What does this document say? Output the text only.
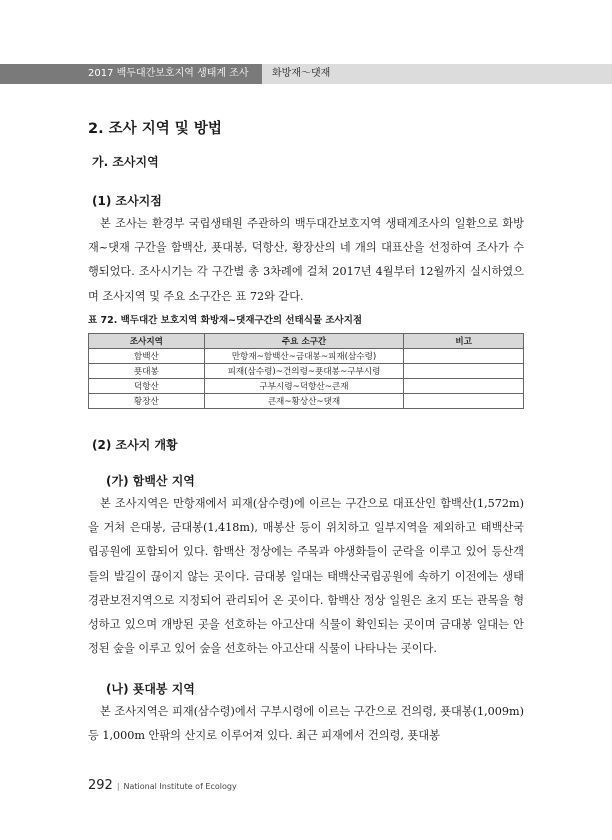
2017 백두대간보호지역 생태계 조사	화방재～댓재
2. 조사 지역 및 방법
가. 조사지역
(1) 조사지점

본 조사는 환경부 국립생태원 주관하의 백두대간보호지역 생태계조사의 일환으로 화방재~댓재 구간을 함백산, 푯대봉, 덕항산, 황장산의 네 개의 대표산을 선정하여 조사가 수행되었다. 조사시기는 각 구간별 총 3차례에 걸쳐 2017년 4월부터 12월까지 실시하였으며 조사지역 및 주요 소구간은 표 72와 같다.

표 72. 백두대간 보호지역 화방재~댓재구간의 선태식물 조사지점
조사지역	주요 소구간	비고
함백산	만항재~함백산~금대봉~피재(삼수령)	
푯대봉	피재(삼수령)~건의령~푯대봉~구부시령	
덕항산	구부시령~덕항산~큰재	
황장산	큰재~황상산~댓재	
(2) 조사지 개황
(가) 함백산 지역

본 조사지역은 만항재에서 피재(삼수령)에 이르는 구간으로 대표산인 함백산(1,572m)을 거쳐 은대봉, 금대봉(1,418m), 매봉산 등이 위치하고 일부지역을 제외하고 태백산국립공원에 포함되어 있다. 함백산 정상에는 주목과 야생화들이 군락을 이루고 있어 등산객들의 발길이 끊이지 않는 곳이다. 금대봉 일대는 태백산국립공원에 속하기 이전에는 생태경관보전지역으로 지정되어 관리되어 온 곳이다. 함백산 정상 일원은 초지 또는 관목을 형성하고 있으며 개방된 곳을 선호하는 아고산대 식물이 확인되는 곳이며 금대봉 일대는 안정된 숲을 이루고 있어 숲을 선호하는 아고산대 식물이 나타나는 곳이다.

(나) 푯대봉 지역

본 조사지역은 피재(삼수령)에서 구부시령에 이르는 구간으로 건의령, 푯대봉(1,009m) 등 1,000m 안팎의 산지로 이루어져 있다. 최근 피재에서 건의령, 푯대봉

292 | National Institute of Ecology
